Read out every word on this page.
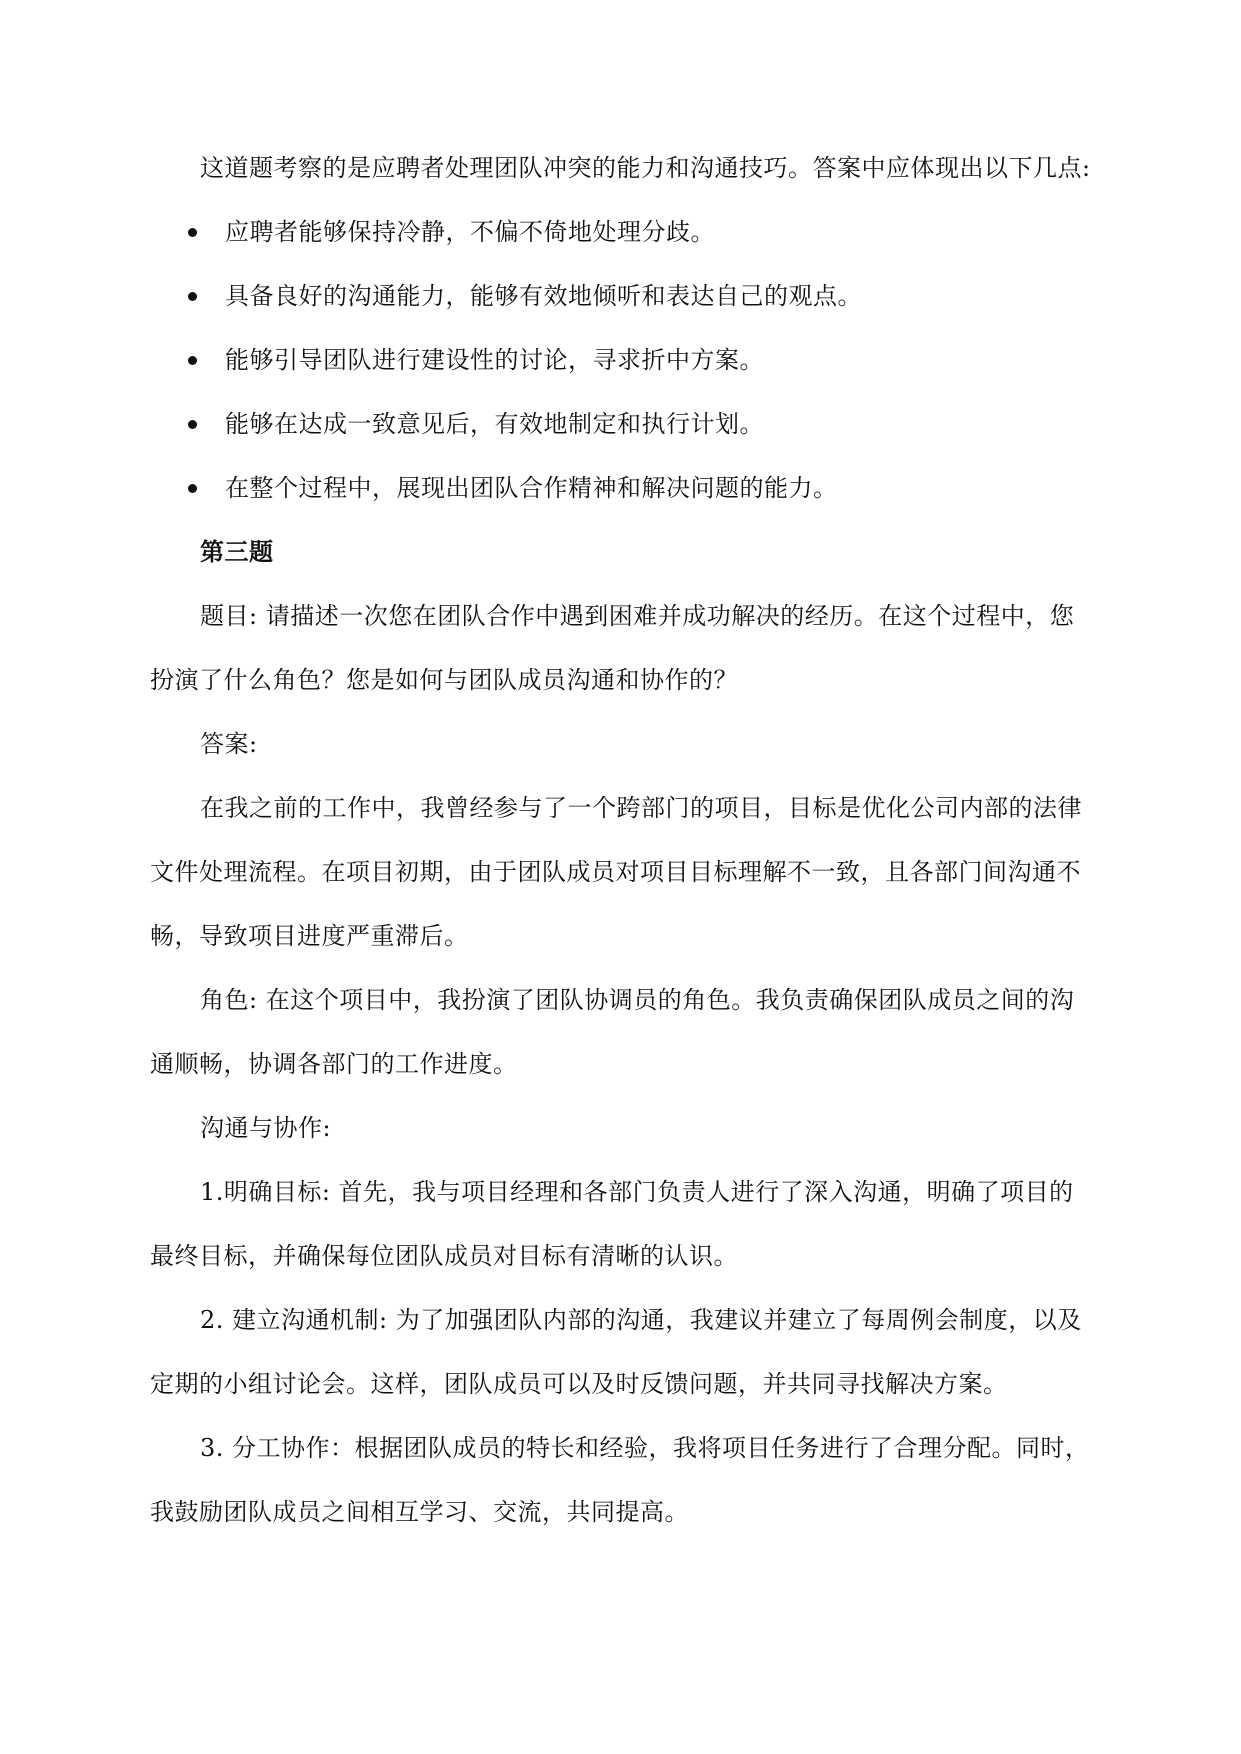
这道题考察的是应聘者处理团队冲突的能力和沟通技巧。答案中应体现出以下几点:
应聘者能够保持冷静，不偏不倚地处理分歧。
具备良好的沟通能力，能够有效地倾听和表达自己的观点。
能够引导团队进行建设性的讨论，寻求折中方案。
能够在达成一致意见后，有效地制定和执行计划。
在整个过程中，展现出团队合作精神和解决问题的能力。
第三题
题目: 请描述一次您在团队合作中遇到困难并成功解决的经历。在这个过程中，您
扮演了什么角色？您是如何与团队成员沟通和协作的？
答案:
在我之前的工作中，我曾经参与了一个跨部门的项目，目标是优化公司内部的法律
文件处理流程。在项目初期，由于团队成员对项目目标理解不一致，且各部门间沟通不
畅，导致项目进度严重滞后。
角色: 在这个项目中，我扮演了团队协调员的角色。我负责确保团队成员之间的沟
通顺畅，协调各部门的工作进度。
沟通与协作:
1.明确目标: 首先，我与项目经理和各部门负责人进行了深入沟通，明确了项目的
最终目标，并确保每位团队成员对目标有清晰的认识。
2. 建立沟通机制: 为了加强团队内部的沟通，我建议并建立了每周例会制度，以及
定期的小组讨论会。这样，团队成员可以及时反馈问题，并共同寻找解决方案。
3. 分工协作：根据团队成员的特长和经验，我将项目任务进行了合理分配。同时，
我鼓励团队成员之间相互学习、交流，共同提高。
